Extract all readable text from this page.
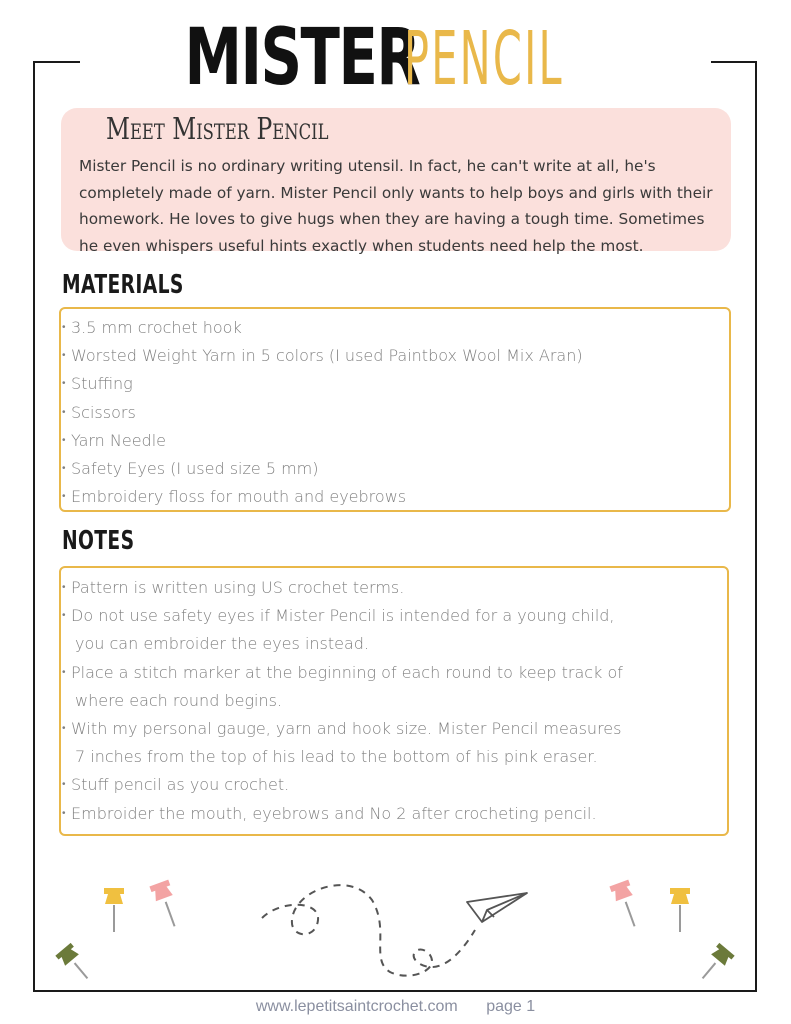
MISTER PENCIL
Meet Mister Pencil
Mister Pencil is no ordinary writing utensil. In fact, he can't write at all, he's
completely made of yarn. Mister Pencil only wants to help boys and girls with their
homework. He loves to give hugs when they are having a tough time. Sometimes
he even whispers useful hints exactly when students need help the most.
MATERIALS
• 3.5 mm crochet hook
• Worsted Weight Yarn in 5 colors (I used Paintbox Wool Mix Aran)
• Stuffing
• Scissors
• Yarn Needle
• Safety Eyes (I used size 5 mm)
• Embroidery floss for mouth and eyebrows
NOTES
• Pattern is written using US crochet terms.
• Do not use safety eyes if Mister Pencil is intended for a young child,
you can embroider the eyes instead.
• Place a stitch marker at the beginning of each round to keep track of
where each round begins.
• With my personal gauge, yarn and hook size. Mister Pencil measures
7 inches from the top of his lead to the bottom of his pink eraser.
• Stuff pencil as you crochet.
• Embroider the mouth, eyebrows and No 2 after crocheting pencil.
www.lepetitsaintcrochet.com page 1
